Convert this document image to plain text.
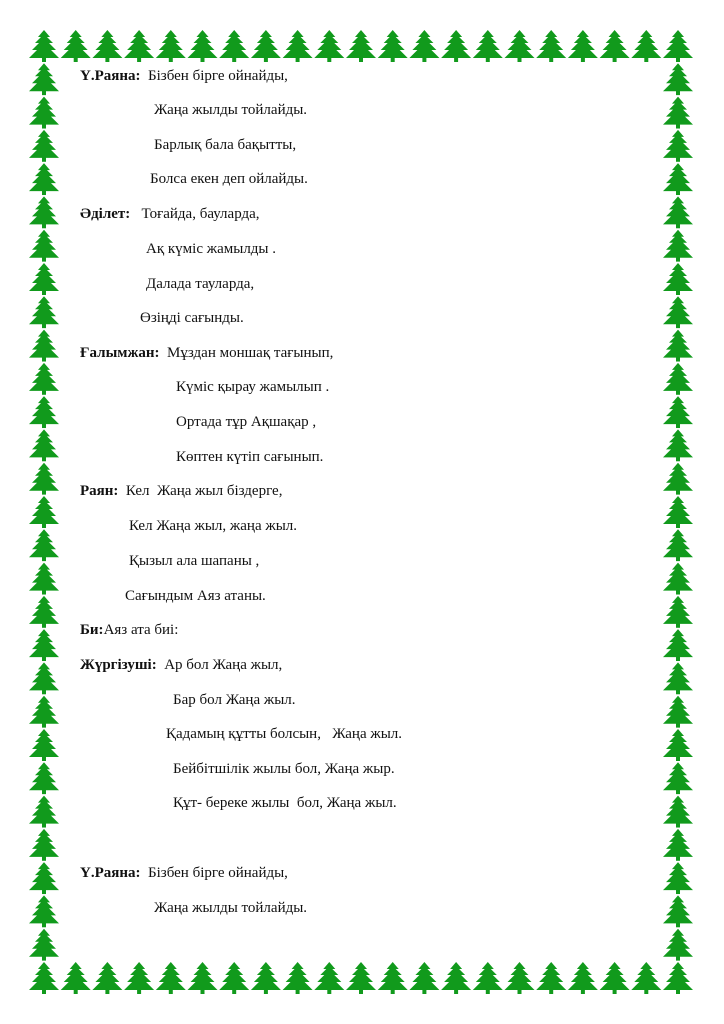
Ү.Раяна:  Бізбен бірге ойнайды,
Жаңа жылды тойлайды.
Барлық бала бақытты,
Болса екен деп ойлайды.
Әділет:   Тоғайда, бауларда,
Ақ күміс жамылды .
Далада тауларда,
Өзіңді сағынды.
Ғалымжан:  Мұздан моншақ тағынып,
Күміс қырау жамылып .
Ортада тұр Ақшақар ,
Көптен күтіп сағынып.
Раян:  Кел  Жаңа жыл біздерге,
Кел Жаңа жыл, жаңа жыл.
Қызыл ала шапаны ,
Сағындым Аяз атаны.
Би:Аяз ата биі:
Жүргізуші:  Ар бол Жаңа жыл,
Бар бол Жаңа жыл.
Қадамың құтты болсын,   Жаңа жыл.
Бейбітшілік жылы бол, Жаңа жыр.
Құт- береке жылы  бол, Жаңа жыл.
Ү.Раяна:  Бізбен бірге ойнайды,
Жаңа жылды тойлайды.
